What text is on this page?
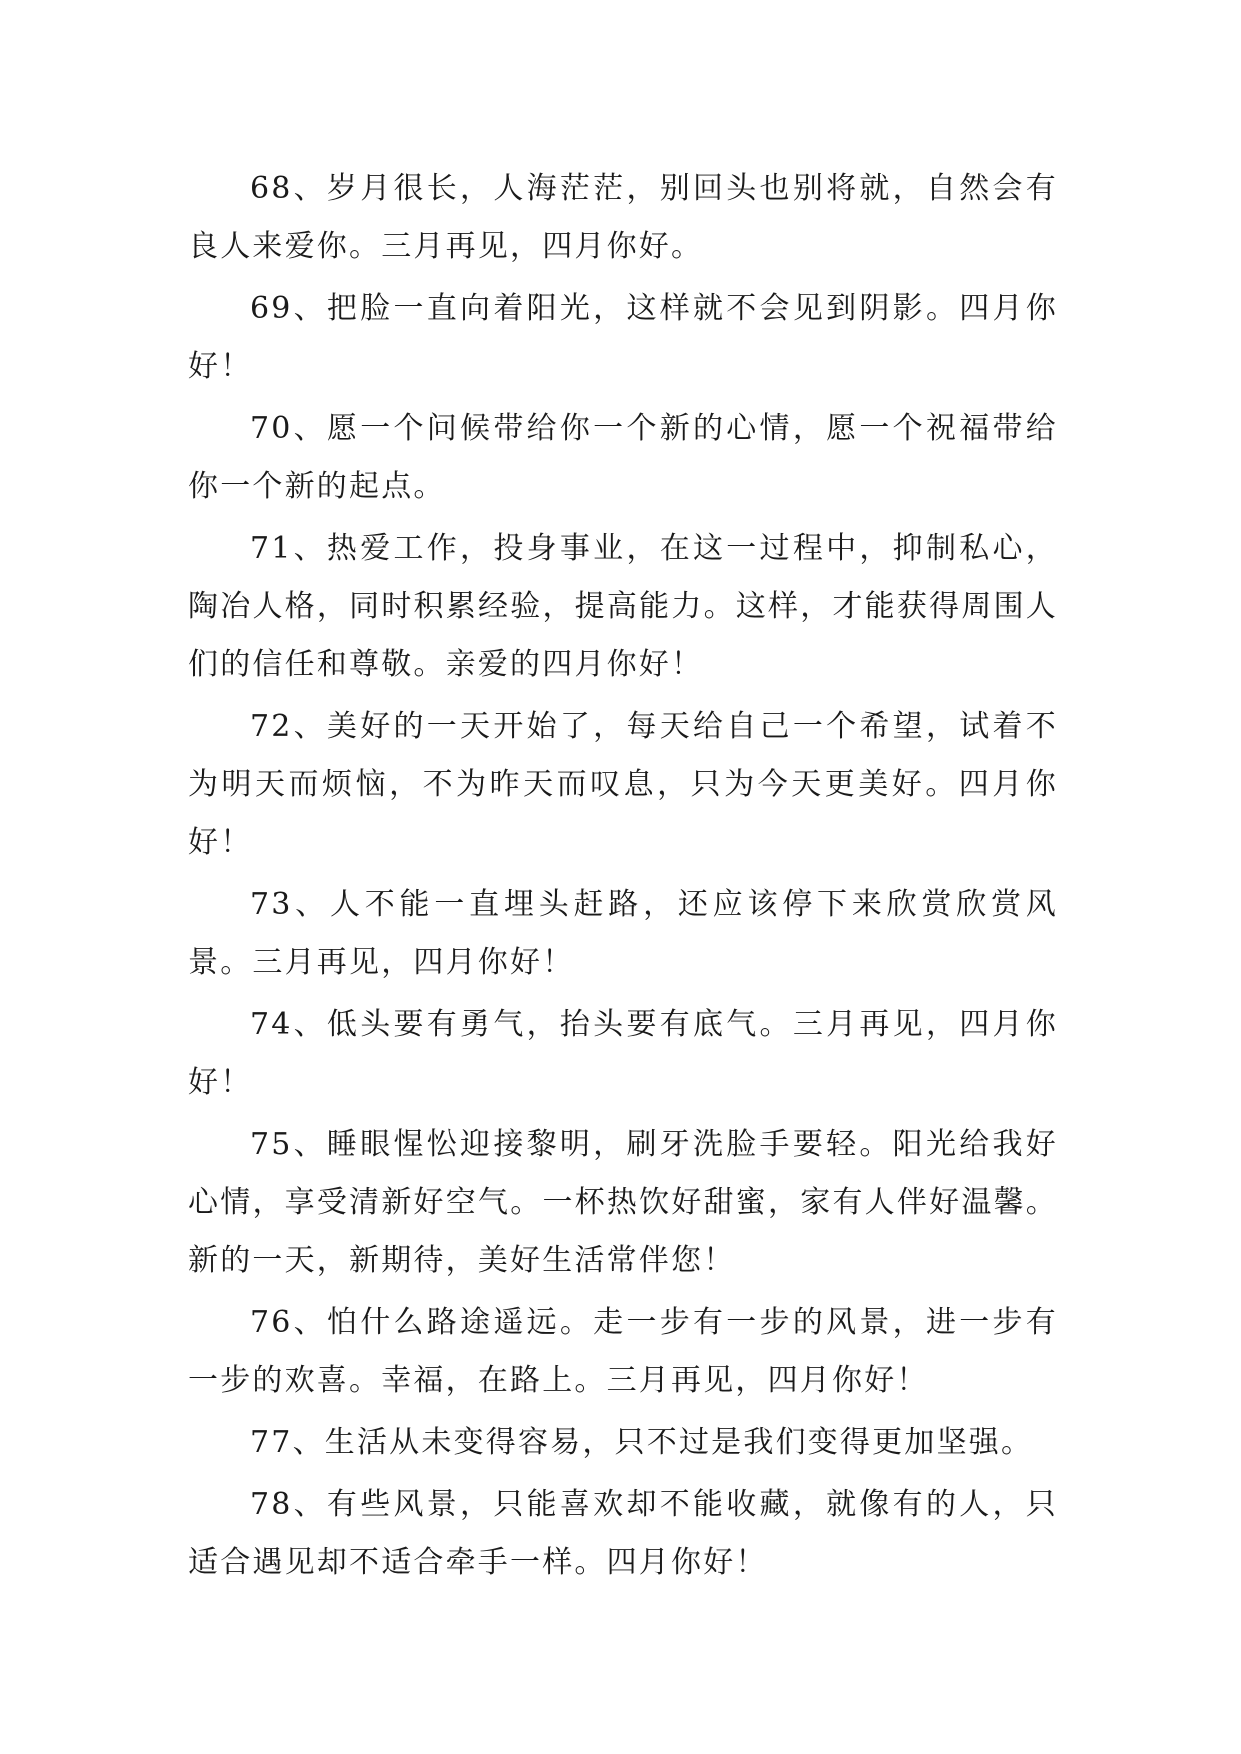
68、岁月很长，人海茫茫，别回头也别将就，自然会有良人来爱你。三月再见，四月你好。

69、把脸一直向着阳光，这样就不会见到阴影。四月你好！

70、愿一个问候带给你一个新的心情，愿一个祝福带给你一个新的起点。

71、热爱工作，投身事业，在这一过程中，抑制私心，陶冶人格，同时积累经验，提高能力。这样，才能获得周围人们的信任和尊敬。亲爱的四月你好！

72、美好的一天开始了，每天给自己一个希望，试着不为明天而烦恼，不为昨天而叹息，只为今天更美好。四月你好！

73、人不能一直埋头赶路，还应该停下来欣赏欣赏风景。三月再见，四月你好！

74、低头要有勇气，抬头要有底气。三月再见，四月你好！

75、睡眼惺忪迎接黎明，刷牙洗脸手要轻。阳光给我好心情，享受清新好空气。一杯热饮好甜蜜，家有人伴好温馨。新的一天，新期待，美好生活常伴您！

76、怕什么路途遥远。走一步有一步的风景，进一步有一步的欢喜。幸福，在路上。三月再见，四月你好！

77、生活从未变得容易，只不过是我们变得更加坚强。

78、有些风景，只能喜欢却不能收藏，就像有的人，只适合遇见却不适合牵手一样。四月你好！
